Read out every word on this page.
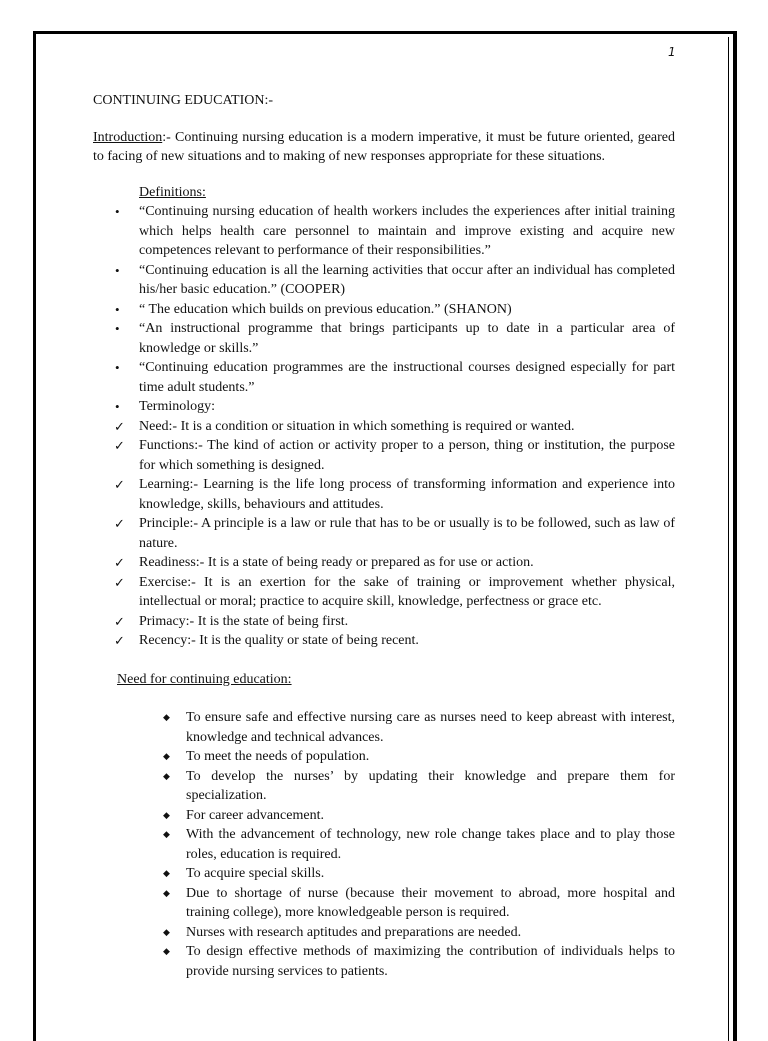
1

CONTINUING EDUCATION:-

Introduction:- Continuing nursing education is a modern imperative, it must be future oriented, geared to facing of new situations and to making of new responses appropriate for these situations.

Definitions:

• “Continuing nursing education of health workers includes the experiences after initial training which helps health care personnel to maintain and improve existing and acquire new competences relevant to performance of their responsibilities.”
• “Continuing education is all the learning activities that occur after an individual has completed his/her basic education.” (COOPER)
• “ The education which builds on previous education.” (SHANON)
• “An instructional programme that brings participants up to date in a particular area of knowledge or skills.”
• “Continuing education programmes are the instructional courses designed especially for part time adult students.”
• Terminology:
✓ Need:- It is a condition or situation in which something is required or wanted.
✓ Functions:- The kind of action or activity proper to a person, thing or institution, the purpose for which something is designed.
✓ Learning:- Learning is the life long process of transforming information and experience into knowledge, skills, behaviours and attitudes.
✓ Principle:- A principle is a law or rule that has to be or usually is to be followed, such as law of nature.
✓ Readiness:- It is a state of being ready or prepared as for use or action.
✓ Exercise:- It is an exertion for the sake of training or improvement whether physical, intellectual or moral; practice to acquire skill, knowledge, perfectness or grace etc.
✓ Primacy:- It is the state of being first.
✓ Recency:- It is the quality or state of being recent.

Need for continuing education:

◆ To ensure safe and effective nursing care as nurses need to keep abreast with interest, knowledge and technical advances.
◆ To meet the needs of population.
◆ To develop the nurses’ by updating their knowledge and prepare them for specialization.
◆ For career advancement.
◆ With the advancement of technology, new role change takes place and to play those roles, education is required.
◆ To acquire special skills.
◆ Due to shortage of nurse (because their movement to abroad, more hospital and training college), more knowledgeable person is required.
◆ Nurses with research aptitudes and preparations are needed.
◆ To design effective methods of maximizing the contribution of individuals helps to provide nursing services to patients.
